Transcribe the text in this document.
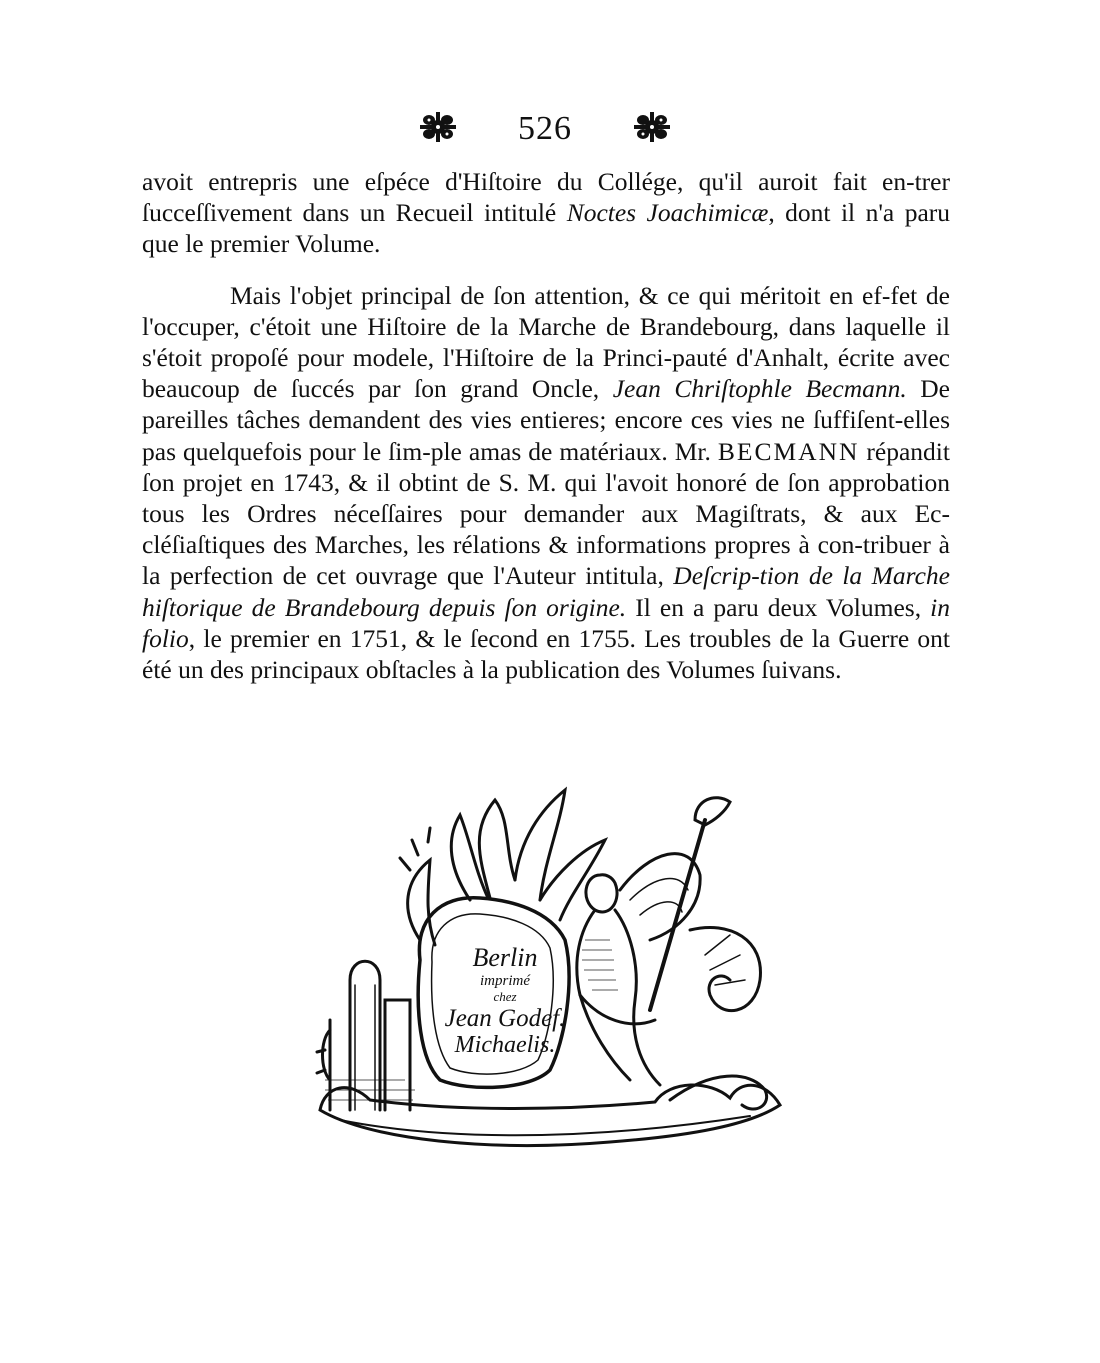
526

avoit entrepris une eſpéce d'Hiſtoire du Collége, qu'il auroit fait en-trer ſucceſſivement dans un Recueil intitulé Noctes Joachimicæ, dont il n'a paru que le premier Volume.

Mais l'objet principal de ſon attention, & ce qui méritoit en ef-fet de l'occuper, c'étoit une Hiſtoire de la Marche de Brandebourg, dans laquelle il s'étoit propoſé pour modele, l'Hiſtoire de la Princi-pauté d'Anhalt, écrite avec beaucoup de ſuccés par ſon grand Oncle, Jean Chriſtophle Becmann. De pareilles tâches demandent des vies entieres; encore ces vies ne ſuffiſent-elles pas quelquefois pour le ſim-ple amas de matériaux. Mr. BECMANN répandit ſon projet en 1743, & il obtint de S. M. qui l'avoit honoré de ſon approbation tous les Ordres néceſſaires pour demander aux Magiſtrats, & aux Ec-cléſiaſtiques des Marches, les rélations & informations propres à con-tribuer à la perfection de cet ouvrage que l'Auteur intitula, Deſcrip-tion de la Marche hiſtorique de Brandebourg depuis ſon origine. Il en a paru deux Volumes, in folio, le premier en 1751, & le ſecond en 1755. Les troubles de la Guerre ont été un des principaux obſtacles à la publication des Volumes ſuivans.

Berlin
imprimé
chez
Jean Godef.
Michaelis.
